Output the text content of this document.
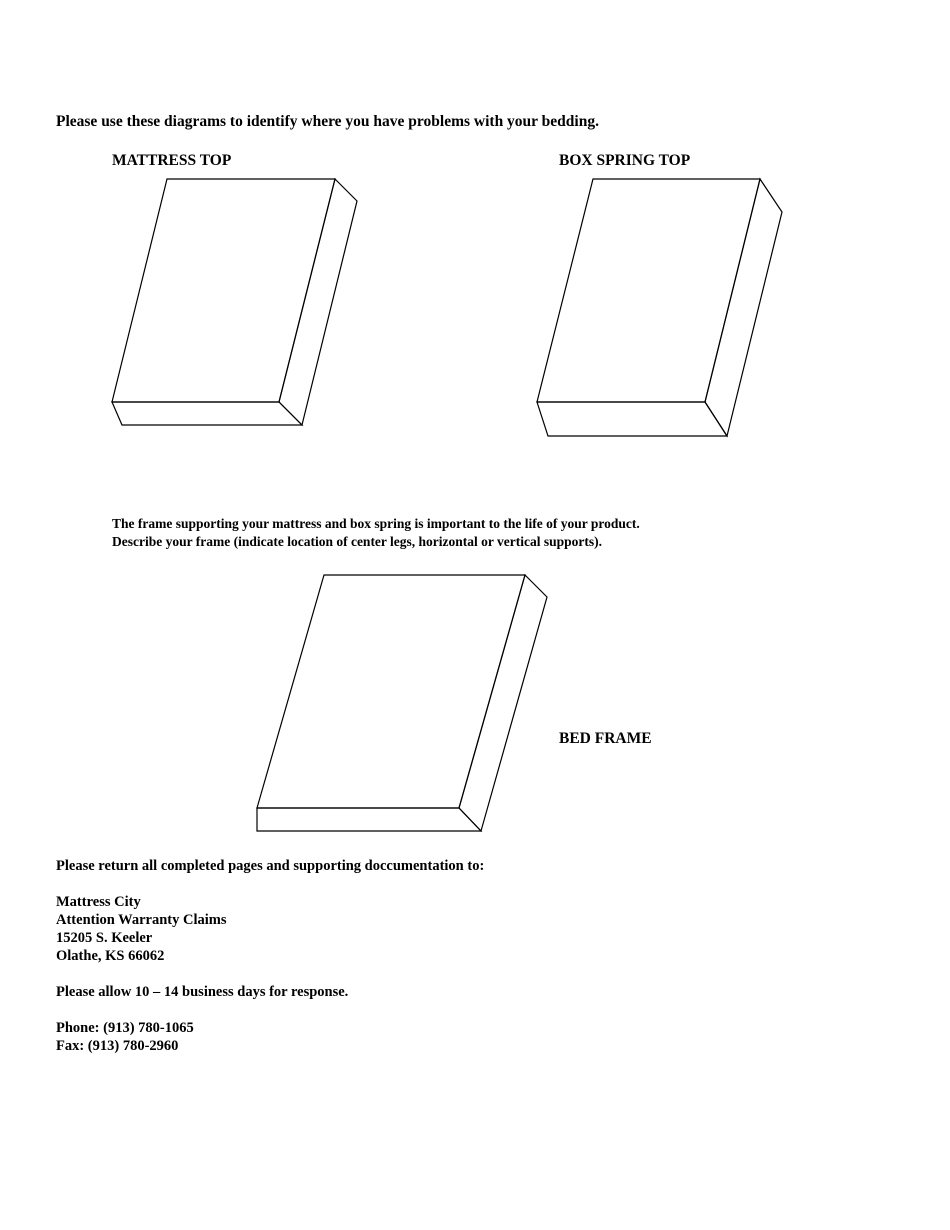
Please use these diagrams to identify where you have problems with your bedding.

MATTRESS TOP	BOX SPRING TOP

The frame supporting your mattress and box spring is important to the life of your product.

Describe your frame (indicate location of center legs, horizontal or vertical supports).

BED FRAME

Please return all completed pages and supporting doccumentation to:

Mattress City
Attention Warranty Claims
15205 S. Keeler
Olathe, KS 66062

Please allow 10 – 14 business days for response.

Phone: (913) 780-1065
Fax: (913) 780-2960
